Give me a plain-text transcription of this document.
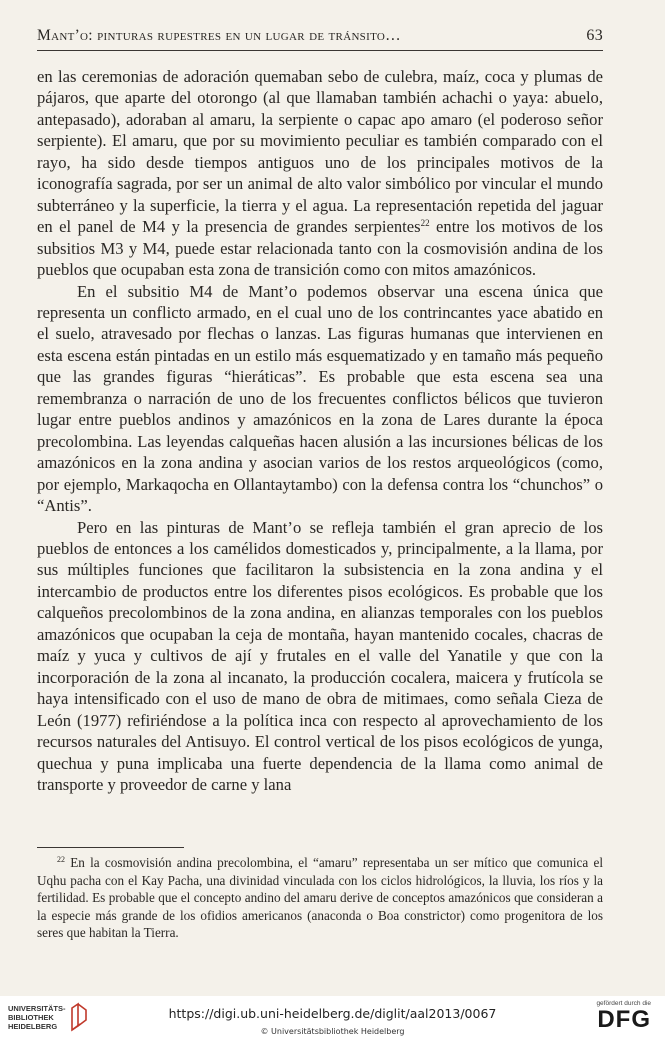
Mant’o: pinturas rupestres en un lugar de tránsito…	63

en las ceremonias de adoración quemaban sebo de culebra, maíz, coca y plumas de pájaros, que aparte del otorongo (al que llamaban también achachi o yaya: abuelo, antepasado), adoraban al amaru, la serpiente o capac apo amaro (el poderoso señor serpiente). El amaru, que por su movimiento peculiar es también comparado con el rayo, ha sido desde tiempos antiguos uno de los principales motivos de la iconografía sagrada, por ser un animal de alto valor simbólico por vincular el mundo subterráneo y la superficie, la tierra y el agua. La representación repetida del jaguar en el panel de M4 y la presencia de grandes serpientes$^{22}$ entre los motivos de los subsitios M3 y M4, puede estar relacionada tanto con la cosmovisión andina de los pueblos que ocupaban esta zona de transición como con mitos amazónicos.

En el subsitio M4 de Mant’o podemos observar una escena única que representa un conflicto armado, en el cual uno de los contrincantes yace abatido en el suelo, atravesado por flechas o lanzas. Las figuras humanas que intervienen en esta escena están pintadas en un estilo más esquematizado y en tamaño más pequeño que las grandes figuras “hieráticas”. Es probable que esta escena sea una remembranza o narración de uno de los frecuentes conflictos bélicos que tuvieron lugar entre pueblos andinos y amazónicos en la zona de Lares durante la época precolombina. Las leyendas calqueñas hacen alusión a las incursiones bélicas de los amazónicos en la zona andina y asocian varios de los restos arqueológicos (como, por ejemplo, Markaqocha en Ollantaytambo) con la defensa contra los “chunchos” o “Antis”.

Pero en las pinturas de Mant’o se refleja también el gran aprecio de los pueblos de entonces a los camélidos domesticados y, principalmente, a la llama, por sus múltiples funciones que facilitaron la subsistencia en la zona andina y el intercambio de productos entre los diferentes pisos ecológicos. Es probable que los calqueños precolombinos de la zona andina, en alianzas temporales con los pueblos amazónicos que ocupaban la ceja de montaña, hayan mantenido cocales, chacras de maíz y yuca y cultivos de ají y frutales en el valle del Yanatile y que con la incorporación de la zona al incanato, la producción cocalera, maicera y frutícola se haya intensificado con el uso de mano de obra de mitimaes, como señala Cieza de León (1977) refiriéndose a la política inca con respecto al aprovechamiento de los recursos naturales del Antisuyo. El control vertical de los pisos ecológicos de yunga, quechua y puna implicaba una fuerte dependencia de la llama como animal de transporte y proveedor de carne y lana

$^{22}$ En la cosmovisión andina precolombina, el “amaru” representaba un ser mítico que comunica el Uqhu pacha con el Kay Pacha, una divinidad vinculada con los ciclos hidrológicos, la lluvia, los ríos y la fertilidad. Es probable que el concepto andino del amaru derive de conceptos amazónicos que consideran a la especie más grande de los ofidios americanos (anaconda o Boa constrictor) como progenitora de los seres que habitan la Tierra.

UNIVERSITÄTS-
BIBLIOTHEK
HEIDELBERG
https://digi.ub.uni-heidelberg.de/diglit/aal2013/0067
© Universitätsbibliothek Heidelberg
gefördert durch die
DFG
